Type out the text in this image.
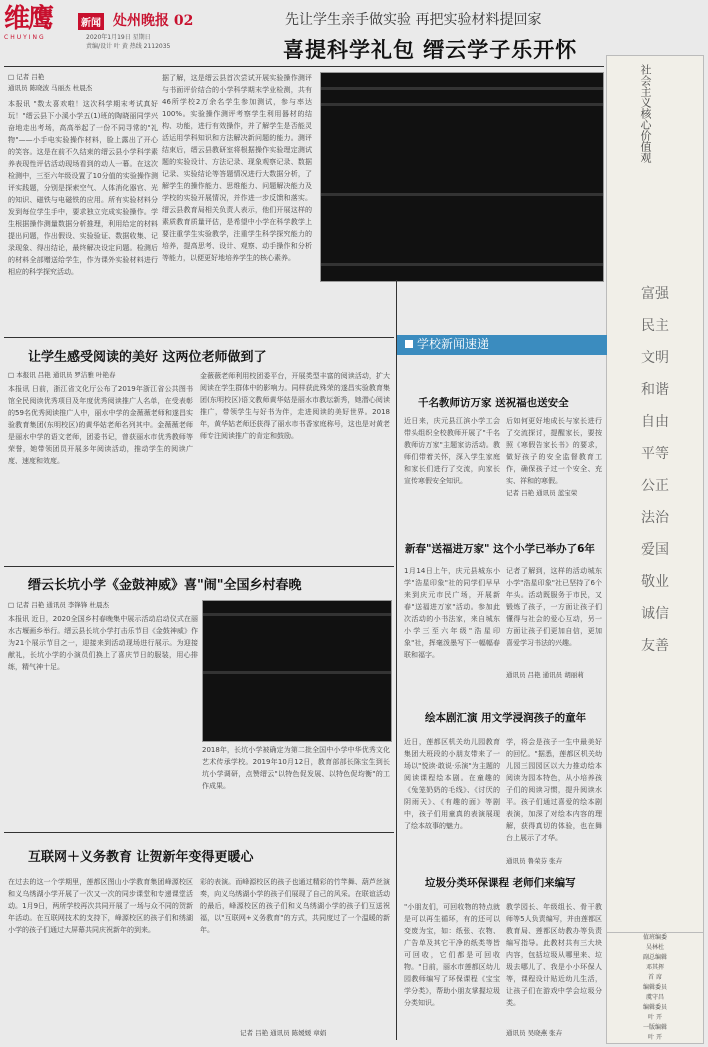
维鹰
CHUYING
新闻 处州晚报 02
2020年1月19日 星期日
责编/设计 叶 黄 热线 2112035
先让学生亲手做实验 再把实验材料提回家
喜提科学礼包 缙云学子乐开怀
□ 记者 吕艳
通讯员 陈晓波 马丽杰 杜晨杰
本报讯 "数太喜欢啦！这次科学期末考试真好玩！"缙云县下小溪小学五(1)班的陶晓丽同学兴奋地走出考场，高高举起了一份不同寻常的"礼物"——小手电实验操作材料，脸上露出了开心的笑容。这是在前不久结束的缙云县小学科学素养表现性评估活动现场看到的动人一幕。在这次检测中，三至六年级设置了10分值的实验操作测评实践题，分别是探索空气、人体消化器官、光的知识、磁铁与电磁铁的应用。所有实验材料分发到每位学生手中，要求独立完成实验操作。学生根据操作测量数据分析推理，利用给定的材料提出问题，作出假设、实验验证、数据收集、记录现象、得出结论，最终解决设定问题。检测后的材料全部赠送给学生，作为课外实验材料进行相应的科学探究活动。
据了解，这是缙云县首次尝试开展实验操作测评与书面评价结合的小学科学期末学业检测，共有46所学校2万余名学生参加测试，参与率达100%。实验操作测评考察学生利用器材的结构、功能，进行有效操作，并了解学生是否能灵活运用学科知识和方法解决新问题的能力。测评结束后，缙云县教研室将根据操作实验理定测试题的实验设计、方法记录、现象观察记录、数据记录、实验结论等答题情况进行大数据分析，了解学生的操作能力、思维能力、问题解决能力及学校的实验开展情况，并作进一步反馈和落实。缙云县教育局相关负责人表示，他们开展这样的素质教育质量评估，是希望中小学在科学教学上要注重学生实验教学，注重学生科学探究能力的培养，提高思考、设计、观察、动手操作和分析等能力，以便更好地培养学生的核心素养。
社会主义核心价值观
富强
民主
文明
和谐
自由
平等
公正
法治
爱国
敬业
诚信
友善
值班编委
吴林杜
副总编辑
邓其挥
首 席
编辑委员
虞守昌
编辑委员
叶 开
一版编辑
叶 开
让学生感受阅读的美好 这两位老师做到了
□ 本报讯 吕艳 通讯员 罗洁雅 叶艳春
本报讯 日前，浙江省文化厅公布了2019年浙江省公共图书馆全民阅读优秀项目及年度优秀阅读推广人名单，在受表彰的59名优秀阅读推广人中，丽水中学的金薇薇老师和遂昌实验教育集团(东明校区)的黄华姑老师名列其中。金薇薇老师是丽水中学的语文老师，团委书记，曾获丽水市优秀教师等荣誉，她带领团员开展多年阅读活动，推动学生的阅读广度、速度和效度。
金薇薇老师利用校团委平台，开展类型丰富的阅读活动，扩大阅读在学生群体中的影响力。同样获此殊荣的遂昌实验教育集团(东明校区)语文教师黄华姑是丽水市教坛新秀，她潜心阅读推广，带领学生与好书为伴，走进阅读的美好世界。2018年，黄华姑老师还获得了丽水市书香家庭称号，这也是对黄老师专注阅读推广的肯定和鼓励。
缙云长坑小学《金鼓神威》喜"闹"全国乡村春晚
□ 记者 吕艳 通讯员 李锋锋 杜晨杰
本报讯 近日，2020全国乡村春晚集中展示活动启动仪式在丽水古堰画乡举行。缙云县长坑小学打击乐节目《金鼓神威》作为21个展示节目之一，迎接来到活动现场进行展示。为迎接献礼，长坑小学的小演员们换上了喜庆节日的服装，用心排练，精气神十足。
2018年，长坑小学被确定为第二批全国中小学中华优秀文化艺术传承学校。2019年10月12日，教育部部长陈宝生到长坑小学调研，点赞缙云"以特色促发展、以特色促均衡"的工作成果。
互联网＋义务教育 让贺新年变得更暖心
在过去的这一个学期里，莲都区图山小学教育集团峰源校区和义乌绣湖小学开展了一次又一次的同步课堂和专递课堂活动。1月9日，两所学校再次共同开展了一场与众不同的贺新年活动。在互联网技术的支持下，峰源校区的孩子们和绣湖小学的孩子们通过大屏幕共同庆祝新年的到来。
彩的表演。而峰源校区的孩子也通过精彩的竹竿舞、葫芦丝演奏，向义乌绣湖小学的孩子们展现了自己的风采。在联谊活动的最后，峰源校区的孩子们和义乌绣湖小学的孩子们互送祝福，以"互联网+义务教育"的方式，共同度过了一个温暖的新年。
记者 吕艳 通讯员 陈媛媛 章娟
学校新闻速递
千名教师访万家 送祝福也送安全
近日来，庆元县江滨小学工会带头组织全校教师开展了"千名教师访万家"主题家访活动。教师们带着关怀，深入学生家庭和家长们进行了交流，向家长宣传寒假安全知识。
后如何更好地成长与家长进行了交流探讨，提醒家长，要按照《寒假告家长书》的要求，做好孩子的安全监督教育工作，确保孩子过一个安全、充实、祥和的寒假。
记者 吕艳 通讯员 蓝宝荣
新春"送福进万家" 这个小学已举办了6年
1月14日上午，庆元县城东小学"浩星印象"社的同学们早早来到庆元市民广场，开展新春"送福进万家"活动。参加此次活动的小书法家，来自城东小学三至六年级"浩星印象"社，挥毫泼墨写下一幅幅春联和福字。
记者了解到，这样的活动城东小学"浩星印象"社已坚持了6个年头。活动既服务于市民，又锻炼了孩子，一方面让孩子们懂得与社会的爱心互动，另一方面让孩子们更加自信，更加喜爱学习书法的兴趣。
通讯员 吕艳 通讯员 胡丽莉
绘本剧汇演 用文学浸润孩子的童年
近日，莲都区机关幼儿园教育集团大班段的小朋友带来了一场以"悦读·敢说·乐演"为主题的阅读课程绘本剧。在童趣的《兔笼奶奶的毛线》、《讨厌的阴雨天》、《有趣的面》等剧中，孩子们用童真的表演展现了绘本故事的魅力。
学，将会是孩子一生中最美好的回忆。"据悉，莲都区机关幼儿园三园园区以大力推动绘本阅读为园本特色，从小培养孩子们的阅读习惯，提升阅读水平。孩子们通过喜爱的绘本剧表演，加深了对绘本内容的理解，获得真切的体验，也在舞台上展示了才华。
通讯员 鲁荣芬 张卉
垃圾分类环保课程 老师们来编写
"小朋友们，可回收物的特点就是可以再生循环，有的还可以变废为宝，如：纸张、衣物、广告单及其它干净的纸类等皆可回收，它们都是可回收物。"日前，丽水市莲都区幼儿园教师编写了环保课程《宝宝学分类》，帮助小朋友掌握垃圾分类知识。
教学园长、年级组长、骨干教师等5人负责编写，并由莲都区教育局、莲都区幼教办等负责编写指导。此教材共有三大块内容，包括垃圾从哪里来、垃圾去哪儿了、我是小小环保人等，课程设计贴近幼儿生活，让孩子们在游戏中学会垃圾分类。
通讯员 吴晓燕 张卉
